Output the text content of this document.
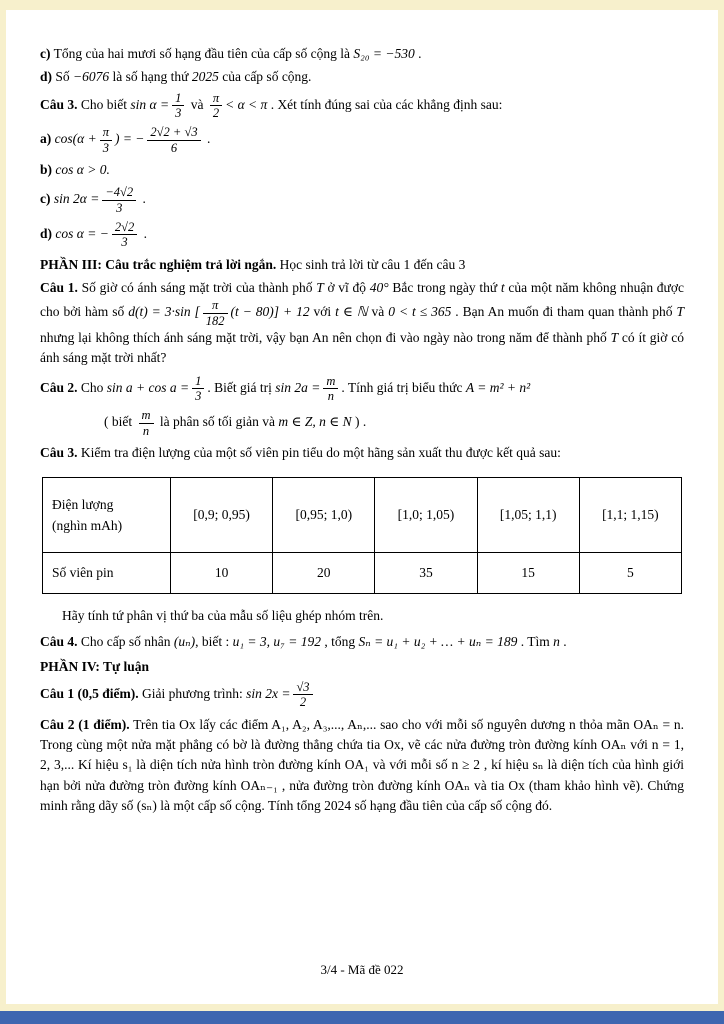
c) Tổng của hai mươi số hạng đầu tiên của cấp số cộng là S₂₀ = −530 .

d) Số −6076 là số hạng thứ 2025 của cấp số cộng.

Câu 3. Cho biết $\sin \alpha = \frac{1}{3}$ và $\frac{\pi}{2} < \alpha < \pi$ . Xét tính đúng sai của các khẳng định sau:

a) $\cos(\alpha + \frac{\pi}{3}$ ) = − $\frac{2√2 + √3}{6}$ .

b) cos α > 0.

c) $\sin 2\alpha = \frac{-4√2}{3}$ .

d) cos α = − $\frac{2√2}{3}$ .

PHẦN III: Câu trắc nghiệm trả lời ngắn. Học sinh trả lời từ câu 1 đến câu 3

Câu 1. Số giờ có ánh sáng mặt trời của thành phố T ở vĩ độ 40° Bắc trong ngày thứ t của một năm không nhuận được cho bởi hàm số d(t) = 3·sin [ $\frac{\pi}{182} (t - 80)] + 12$ với t ∈ ℕ và 0 < t ≤ 365 . Bạn An muốn đi tham quan thành phố T nhưng lại không thích ánh sáng mặt trời, vậy bạn An nên chọn đi vào ngày nào trong năm để thành phố T có ít giờ có ánh sáng mặt trời nhất?

Câu 2. Cho $\sin a + \cos a = \frac{1}{3}$ . Biết giá trị $\sin 2a = \frac{m}{n}$ . Tính giá trị biểu thức A = m² + n²

( biết $\frac{m}{n}$ là phân số tối giản và m ∈ Z, n ∈ N ) .

Câu 3. Kiểm tra điện lượng của một số viên pin tiểu do một hãng sản xuất thu được kết quả sau:

Điện lượng
(nghìn mAh)	[0,9; 0,95)	[0,95; 1,0)	[1,0; 1,05)	[1,05; 1,1)	[1,1; 1,15)
Số viên pin	10	20	35	15	5

Hãy tính tứ phân vị thứ ba của mẫu số liệu ghép nhóm trên.

Câu 4. Cho cấp số nhân (uₙ), biết : u₁ = 3, u₇ = 192 , tổng Sₙ = u₁ + u₂ + … + uₙ = 189 . Tìm n .

PHẦN IV: Tự luận

Câu 1 (0,5 điểm). Giải phương trình: $\sin 2x = \frac{√3}{2}$

Câu 2 (1 điểm). Trên tia Ox lấy các điểm A₁, A₂, A₃,..., Aₙ,... sao cho với mỗi số nguyên dương n thỏa mãn OAₙ = n. Trong cùng một nửa mặt phẳng có bờ là đường thẳng chứa tia Ox, vẽ các nửa đường tròn đường kính OAₙ với n = 1, 2, 3,... Kí hiệu s₁ là diện tích nửa hình tròn đường kính OA₁ và với mỗi số n ≥ 2 , kí hiệu sₙ là diện tích của hình giới hạn bởi nửa đường tròn đường kính OAₙ₋₁ , nửa đường tròn đường kính OAₙ và tia Ox (tham khảo hình vẽ). Chứng minh rằng dãy số (sₙ) là một cấp số cộng. Tính tổng 2024 số hạng đầu tiên của cấp số cộng đó.

3/4 - Mã đề 022
